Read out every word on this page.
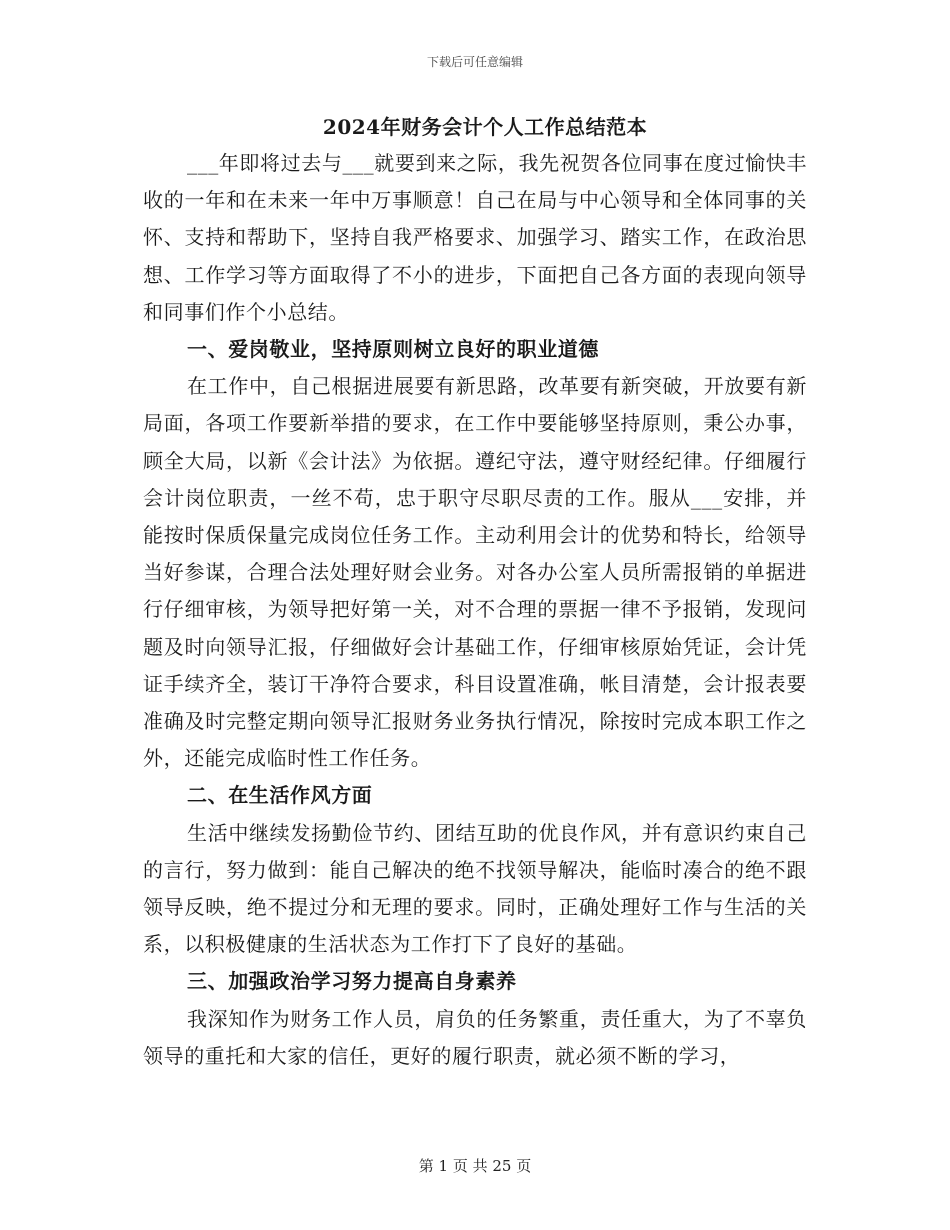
下载后可任意编辑
2024年财务会计个人工作总结范本

___年即将过去与___就要到来之际，我先祝贺各位同事在度过愉快丰收的一年和在未来一年中万事顺意！自己在局与中心领导和全体同事的关怀、支持和帮助下，坚持自我严格要求、加强学习、踏实工作，在政治思想、工作学习等方面取得了不小的进步，下面把自己各方面的表现向领导和同事们作个小总结。

一、爱岗敬业，坚持原则树立良好的职业道德

在工作中，自己根据进展要有新思路，改革要有新突破，开放要有新局面，各项工作要新举措的要求，在工作中要能够坚持原则，秉公办事，顾全大局，以新《会计法》为依据。遵纪守法，遵守财经纪律。仔细履行会计岗位职责，一丝不苟，忠于职守尽职尽责的工作。服从___安排，并能按时保质保量完成岗位任务工作。主动利用会计的优势和特长，给领导当好参谋，合理合法处理好财会业务。对各办公室人员所需报销的单据进行仔细审核，为领导把好第一关，对不合理的票据一律不予报销，发现问题及时向领导汇报，仔细做好会计基础工作，仔细审核原始凭证，会计凭证手续齐全，装订干净符合要求，科目设置准确，帐目清楚，会计报表要准确及时完整定期向领导汇报财务业务执行情况，除按时完成本职工作之外，还能完成临时性工作任务。

二、在生活作风方面

生活中继续发扬勤俭节约、团结互助的优良作风，并有意识约束自己的言行，努力做到：能自己解决的绝不找领导解决，能临时凑合的绝不跟领导反映，绝不提过分和无理的要求。同时，正确处理好工作与生活的关系，以积极健康的生活状态为工作打下了良好的基础。

三、加强政治学习努力提高自身素养

我深知作为财务工作人员，肩负的任务繁重，责任重大，为了不辜负领导的重托和大家的信任，更好的履行职责，就必须不断的学习，

第 1 页 共 25 页
